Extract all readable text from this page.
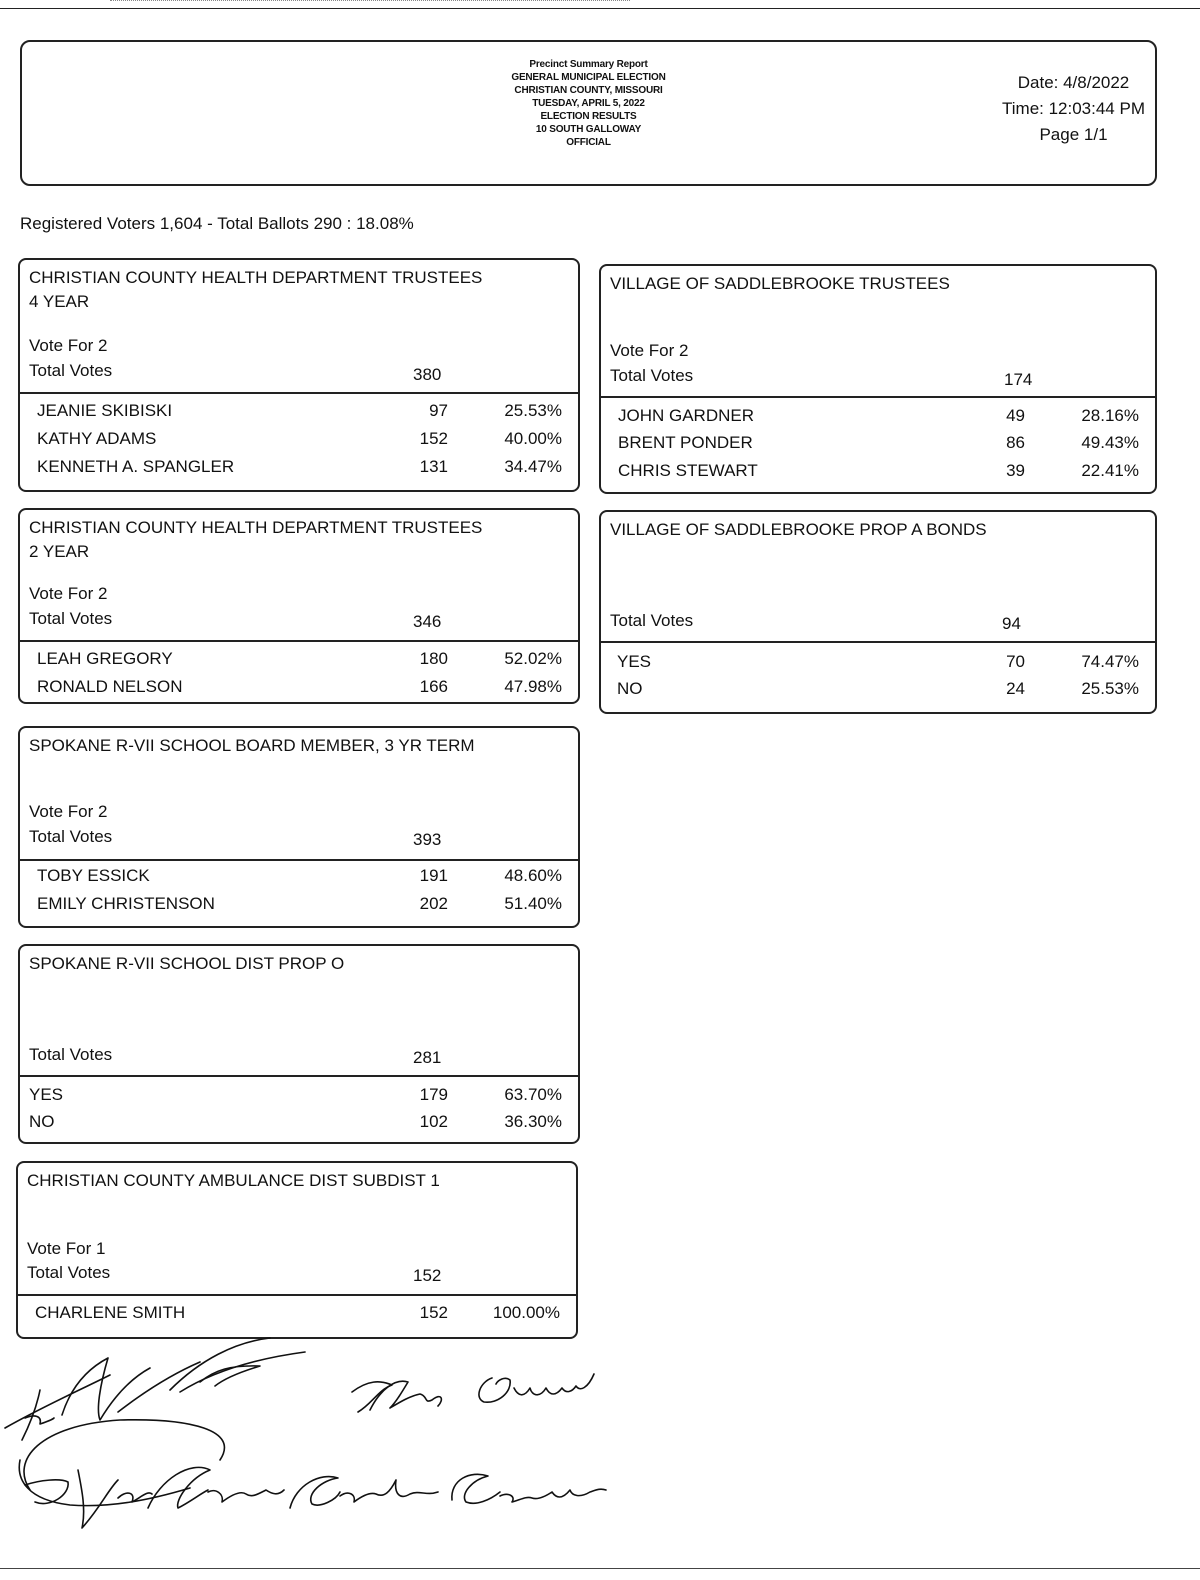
Precinct Summary Report
GENERAL MUNICIPAL ELECTION
CHRISTIAN COUNTY, MISSOURI
TUESDAY, APRIL 5, 2022
ELECTION RESULTS
10 SOUTH GALLOWAY
OFFICIAL
Date: 4/8/2022
Time: 12:03:44 PM
Page 1/1
Registered Voters 1,604 - Total Ballots 290 : 18.08%
CHRISTIAN COUNTY HEALTH DEPARTMENT TRUSTEES
4 YEAR
Vote For 2
Total Votes	380
JEANIE SKIBISKI	97	25.53%
KATHY ADAMS	152	40.00%
KENNETH A. SPANGLER	131	34.47%
CHRISTIAN COUNTY HEALTH DEPARTMENT TRUSTEES
2 YEAR
Vote For 2
Total Votes	346
LEAH GREGORY	180	52.02%
RONALD NELSON	166	47.98%
SPOKANE R-VII SCHOOL BOARD MEMBER, 3 YR TERM
Vote For 2
Total Votes	393
TOBY ESSICK	191	48.60%
EMILY CHRISTENSON	202	51.40%
SPOKANE R-VII SCHOOL DIST PROP O
Total Votes	281
YES	179	63.70%
NO	102	36.30%
CHRISTIAN COUNTY AMBULANCE DIST SUBDIST 1
Vote For 1
Total Votes	152
CHARLENE SMITH	152	100.00%
VILLAGE OF SADDLEBROOKE TRUSTEES
Vote For 2
Total Votes	174
JOHN GARDNER	49	28.16%
BRENT PONDER	86	49.43%
CHRIS STEWART	39	22.41%
VILLAGE OF SADDLEBROOKE PROP A BONDS
Total Votes	94
YES	70	74.47%
NO	24	25.53%
